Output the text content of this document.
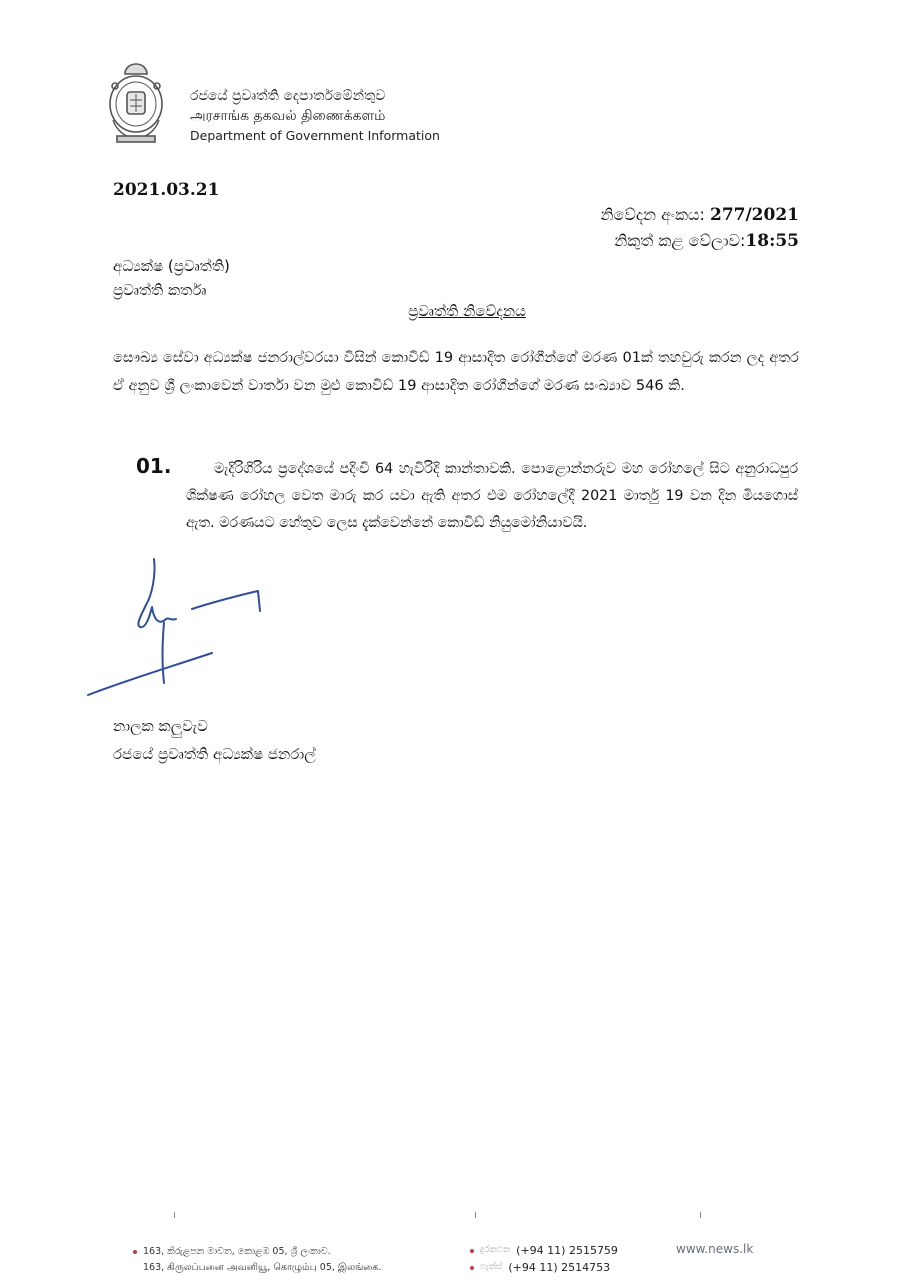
රජයේ ප්‍රවෘත්ති දෙපාර්තමේන්තුව
அரசாங்க தகவல் திணைக்களம்
Department of Government Information
2021.03.21
නිවේදන අංකය: 277/2021
නිකුත් කළ වේලාව:18:55
අධ්‍යක්ෂ (ප්‍රවෘත්ති)
ප්‍රවෘත්ති කර්තෘ
ප්‍රවෘත්ති නිවේදනය
සෞඛ්‍ය සේවා අධ්‍යක්ෂ ජනරාල්වරයා විසින් කොවිඩ් 19 ආසාදිත රෝගීන්ගේ මරණ 01ක් තහවුරු කරන ලද අතර ඒ අනුව ශ්‍රී ලංකාවෙන් වාර්තා වන මුළු කොවිඩ් 19 ආසාදිත රෝගීන්ගේ මරණ සංඛ්‍යාව 546 කි.
01.	මැදිරිගිරිය ප්‍රදේශයේ පදිංචි 64 හැවිරිදි කාන්තාවකි. පොළොන්නරුව මහ රෝහලේ සිට අනුරාධපුර ශික්ෂණ රෝහල වෙත මාරු කර යවා ඇති අතර එම රෝහලේදී 2021 මාර්තු 19 වන දින මියගොස් ඇත. මරණයට හේතුව ලෙස දැක්වෙන්නේ කොවිඩ් නියුමෝනියාවයි.
නාලක කලුවැව
රජයේ ප්‍රවෘත්ති අධ්‍යක්ෂ ජනරාල්
163, කිරුළපන මාවත, කොළඹ 05, ශ්‍රී ලංකාව.
163, கிருலப்பனை அவனியூ, கொழும்பு 05, இலங்கை.
දුරකථන (+94 11) 2515759
ෆැක්ස් (+94 11) 2514753
www.news.lk
